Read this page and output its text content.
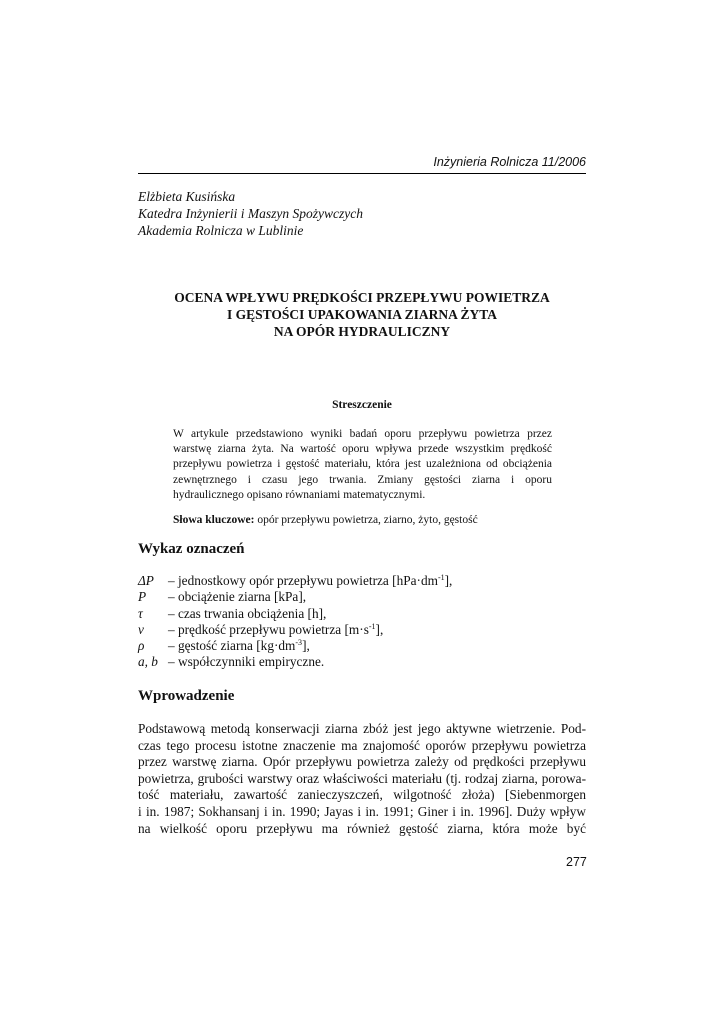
Inżynieria Rolnicza 11/2006
Elżbieta Kusińska
Katedra Inżynierii i Maszyn Spożywczych
Akademia Rolnicza w Lublinie
OCENA WPŁYWU PRĘDKOŚCI PRZEPŁYWU POWIETRZA
I GĘSTOŚCI UPAKOWANIA ZIARNA ŻYTA
NA OPÓR HYDRAULICZNY
Streszczenie

W artykule przedstawiono wyniki badań oporu przepływu powietrza przez warstwę ziarna żyta. Na wartość oporu wpływa przede wszystkim prędkość przepływu powietrza i gęstość materiału, która jest uzależniona od obciążenia zewnętrznego i czasu jego trwania. Zmiany gęstości ziarna i oporu hydraulicznego opisano równaniami matematycznymi.

Słowa kluczowe: opór przepływu powietrza, ziarno, żyto, gęstość
Wykaz oznaczeń
ΔP	– jednostkowy opór przepływu powietrza $[hPa\cdot dm^{-1}]$,
P	– obciążenie ziarna [kPa],
τ	– czas trwania obciążenia [h],
v	– prędkość przepływu powietrza $[m\cdot s^{-1}]$,
ρ	– gęstość ziarna $[kg\cdot dm^{-3}]$,
a, b – współczynniki empiryczne.
Wprowadzenie
Podstawową metodą konserwacji ziarna zbóż jest jego aktywne wietrzenie. Pod-
czas tego procesu istotne znaczenie ma znajomość oporów przepływu powietrza
przez warstwę ziarna. Opór przepływu powietrza zależy od prędkości przepływu
powietrza, grubości warstwy oraz właściwości materiału (tj. rodzaj ziarna, porowa-
tość materiału, zawartość zanieczyszczeń, wilgotność złoża) [Siebenmorgen
i in. 1987; Sokhansanj i in. 1990; Jayas i in. 1991; Giner i in. 1996]. Duży wpływ
na wielkość oporu przepływu ma również gęstość ziarna, która może być
277
